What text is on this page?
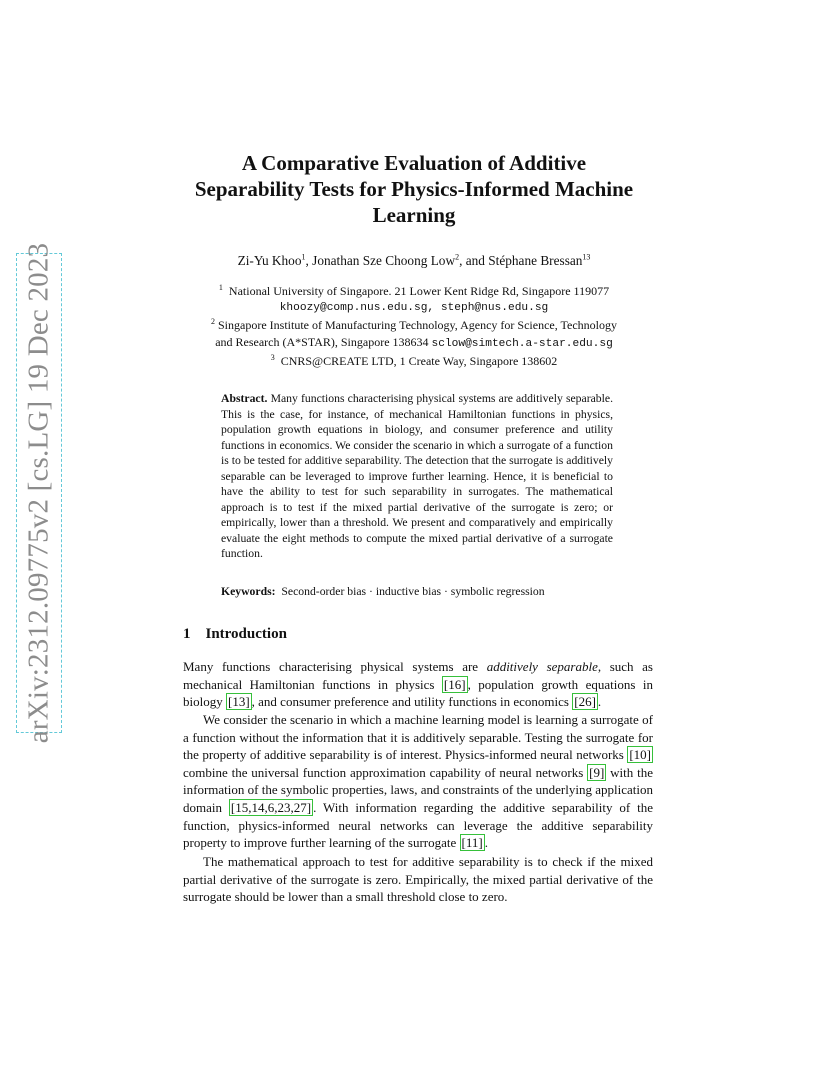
arXiv:2312.09775v2 [cs.LG] 19 Dec 2023
A Comparative Evaluation of Additive
Separability Tests for Physics-Informed Machine
Learning
Zi-Yu Khoo$^1$, Jonathan Sze Choong Low$^2$, and Stéphane Bressan$^{13}$
$^1$ National University of Singapore. 21 Lower Kent Ridge Rd, Singapore 119077
khoozy@comp.nus.edu.sg, steph@nus.edu.sg
$^2$ Singapore Institute of Manufacturing Technology, Agency for Science, Technology
and Research (A*STAR), Singapore 138634 sclow@simtech.a-star.edu.sg
$^3$ CNRS@CREATE LTD, 1 Create Way, Singapore 138602
Abstract. Many functions characterising physical systems are additively separable. This is the case, for instance, of mechanical Hamiltonian functions in physics, population growth equations in biology, and consumer preference and utility functions in economics. We consider the scenario in which a surrogate of a function is to be tested for additive separability. The detection that the surrogate is additively separable can be leveraged to improve further learning. Hence, it is beneficial to have the ability to test for such separability in surrogates. The mathematical approach is to test if the mixed partial derivative of the surrogate is zero; or empirically, lower than a threshold. We present and comparatively and empirically evaluate the eight methods to compute the mixed partial derivative of a surrogate function.
Keywords: Second-order bias · inductive bias · symbolic regression
1 Introduction
Many functions characterising physical systems are additively separable, such as mechanical Hamiltonian functions in physics [16] , population growth equations in biology [13] , and consumer preference and utility functions in economics [26] .
We consider the scenario in which a machine learning model is learning a surrogate of a function without the information that it is additively separable. Testing the surrogate for the property of additive separability is of interest. Physics-informed neural networks [10] combine the universal function approximation capability of neural networks [9] with the information of the symbolic properties, laws, and constraints of the underlying application domain [15,14,6,23,27] . With information regarding the additive separability of the function, physics-informed neural networks can leverage the additive separability property to improve further learning of the surrogate [11] .
The mathematical approach to test for additive separability is to check if the mixed partial derivative of the surrogate is zero. Empirically, the mixed partial derivative of the surrogate should be lower than a small threshold close to zero.
